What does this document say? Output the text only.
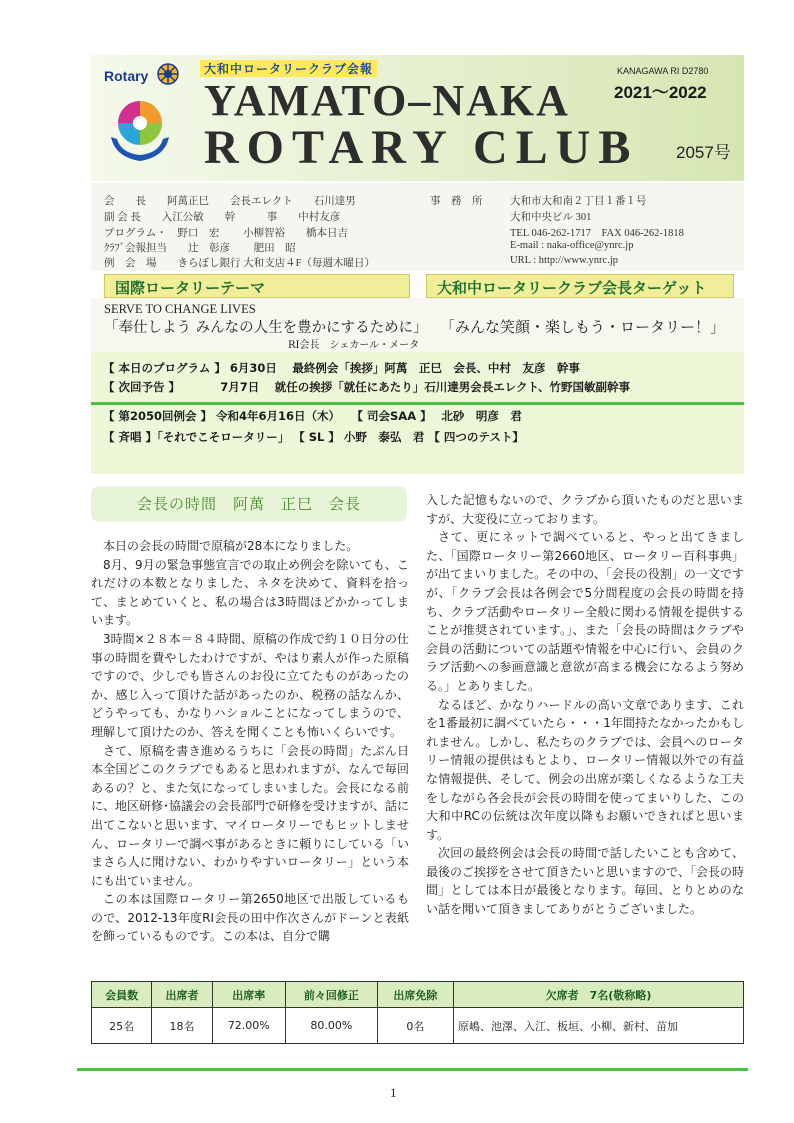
Rotary	大和中ロータリークラブ会報	KANAGAWA RI D2780
2021～2022
YAMATO–NAKA
ROTARY CLUB 2057号
会　　長　　阿萬正巳　　会長エレクト　　石川達男
副 会 長　　入江公敏　　幹　　　事　　中村友彦
プログラム・　野口　宏　　 小柳智裕　　橋本日吉
ｸﾗﾌﾞ会報担当　　辻　彰彦　　 肥田　昭
例　会　場　　きらぼし銀行 大和支店４F（毎週木曜日）
事　務　所	大和市大和南２丁目１番１号
大和中央ビル 301
TEL 046-262-1717　FAX 046-262-1818
E-mail : naka-office@ynrc.jp
URL : http://www.ynrc.jp
国際ロータリーテーマ	大和中ロータリークラブ会長ターゲット
SERVE TO CHANGE LIVES
「奉仕しよう みんなの人生を豊かにするために」
RI会長　シェカール・メータ
「みんな笑顔・楽しもう・ロータリー！」
【 本日のプログラム 】 6月30日　 最終例会「挨拶」阿萬　正巳　会長、中村　友彦　幹事
【 次回予告 】　　　　7月7日　 就任の挨拶「就任にあたり」石川達男会長エレクト、竹野国敏副幹事
【 第2050回例会 】 令和4年6月16日（木）　　【 司会SAA 】　 北砂　明彦　君
【 斉唱 】「それでこそロータリー」 【 SL 】 小野　泰弘　君 【 四つのテスト】
会長の時間　阿萬　正巳　会長

本日の会長の時間で原稿が28本になりました。

8月、9月の緊急事態宣言での取止め例会を除いても、これだけの本数となりました、ネタを決めて、資料を拾って、まとめていくと、私の場合は3時間ほどかかってしまいます。

3時間×２８本＝８４時間、原稿の作成で約１０日分の仕事の時間を費やしたわけですが、やはり素人が作った原稿ですので、少しでも皆さんのお役に立てたものがあったのか、感じ入って頂けた話があったのか、税務の話なんか、どうやっても、かなりハショルことになってしまうので、理解して頂けたのか、答えを聞くことも怖いくらいです。

さて、原稿を書き進めるうちに「会長の時間」たぶん日本全国どこのクラブでもあると思われますが、なんで毎回あるの？と、また気になってしまいました。会長になる前に、地区研修･協議会の会長部門で研修を受けますが、話に出てこないと思います、マイロータリーでもヒットしません、ロータリーで調べ事があるときに頼りにしている「いまさら人に聞けない、わかりやすいロータリー」という本にも出ていません。

この本は国際ロータリー第2650地区で出版しているもので、2012-13年度RI会長の田中作次さんがドーンと表紙を飾っているものです。この本は、自分で購

入した記憶もないので、クラブから頂いたものだと思いますが、大変役に立っております。

さて、更にネットで調べていると、やっと出てきました、「国際ロータリー第2660地区、ロータリー百科事典」が出てまいりました。その中の、「会長の役割」の一文ですが、「クラブ会長は各例会で5分間程度の会長の時間を持ち、クラブ活動やロータリー全般に関わる情報を提供することが推奨されています。」、また「会長の時間はクラブや会員の活動についての話題や情報を中心に行い、会員のクラブ活動への参画意識と意欲が高まる機会になるよう努める。」とありました。

なるほど、かなりハードルの高い文章であります、これを1番最初に調べていたら・・・1年間持たなかったかもしれません。しかし、私たちのクラブでは、会員へのロータリー情報の提供はもとより、ロータリー情報以外での有益な情報提供、そして、例会の出席が楽しくなるような工夫をしながら各会長が会長の時間を使ってまいりした、この大和中RCの伝統は次年度以降もお願いできればと思います。

次回の最終例会は会長の時間で話したいことも含めて、最後のご挨拶をさせて頂きたいと思いますので、「会長の時間」としては本日が最後となります。毎回、とりとめのない話を聞いて頂きましてありがとうございました。

会員数	出席者	出席率	前々回修正	出席免除	欠席者　7名(敬称略)
25名	18名	72.00%	80.00%	0名	原嶋、池澤、入江、板垣、小柳、新村、苗加
1
